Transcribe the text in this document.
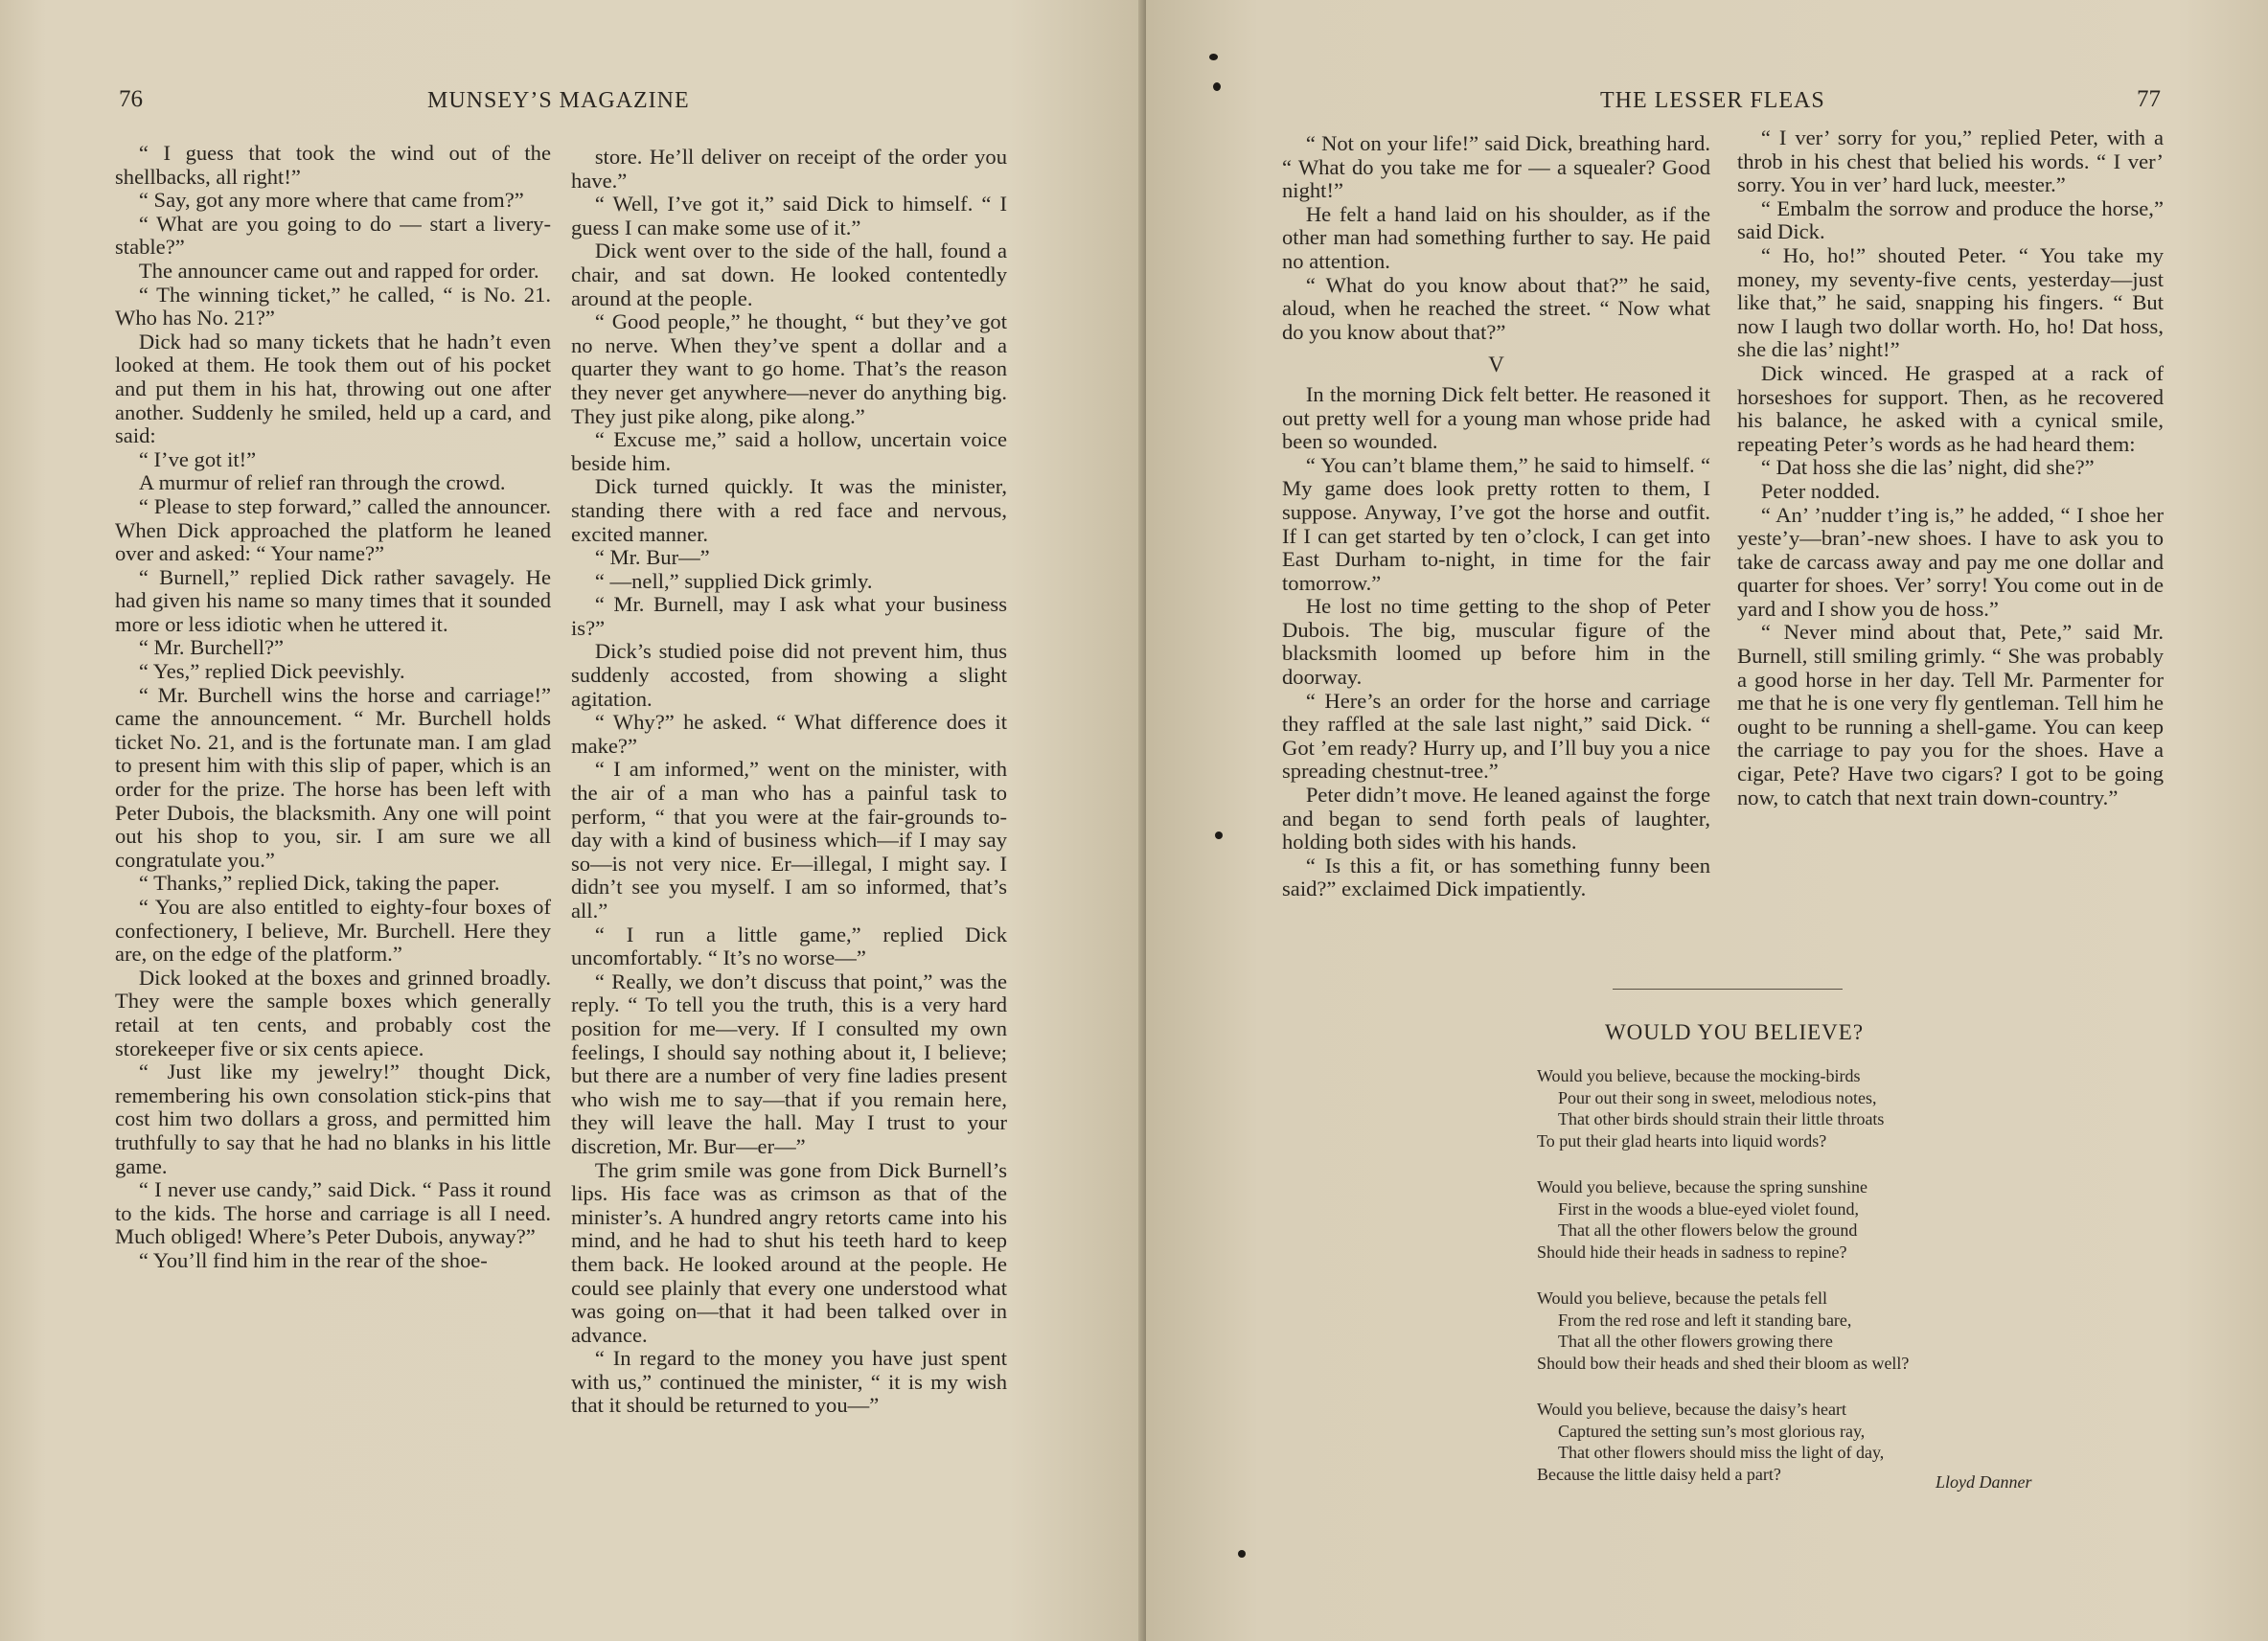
76	MUNSEY’S MAGAZINE

“ I guess that took the wind out of the shellbacks, all right!”

“ Say, got any more where that came from?”

“ What are you going to do — start a livery-stable?”

The announcer came out and rapped for order.

“ The winning ticket,” he called, “ is No. 21. Who has No. 21?”

Dick had so many tickets that he hadn’t even looked at them. He took them out of his pocket and put them in his hat, throwing out one after another. Suddenly he smiled, held up a card, and said:

“ I’ve got it!”

A murmur of relief ran through the crowd.

“ Please to step forward,” called the announcer. When Dick approached the platform he leaned over and asked: “ Your name?”

“ Burnell,” replied Dick rather savagely. He had given his name so many times that it sounded more or less idiotic when he uttered it.

“ Mr. Burchell?”

“ Yes,” replied Dick peevishly.

“ Mr. Burchell wins the horse and carriage!” came the announcement. “ Mr. Burchell holds ticket No. 21, and is the fortunate man. I am glad to present him with this slip of paper, which is an order for the prize. The horse has been left with Peter Dubois, the blacksmith. Any one will point out his shop to you, sir. I am sure we all congratulate you.”

“ Thanks,” replied Dick, taking the paper.

“ You are also entitled to eighty-four boxes of confectionery, I believe, Mr. Burchell. Here they are, on the edge of the platform.”

Dick looked at the boxes and grinned broadly. They were the sample boxes which generally retail at ten cents, and probably cost the storekeeper five or six cents apiece.

“ Just like my jewelry!” thought Dick, remembering his own consolation stick-pins that cost him two dollars a gross, and permitted him truthfully to say that he had no blanks in his little game.

“ I never use candy,” said Dick. “ Pass it round to the kids. The horse and carriage is all I need. Much obliged! Where’s Peter Dubois, anyway?”

“ You’ll find him in the rear of the shoe-

store. He’ll deliver on receipt of the order you have.”

“ Well, I’ve got it,” said Dick to himself. “ I guess I can make some use of it.”

Dick went over to the side of the hall, found a chair, and sat down. He looked contentedly around at the people.

“ Good people,” he thought, “ but they’ve got no nerve. When they’ve spent a dollar and a quarter they want to go home. That’s the reason they never get anywhere—never do anything big. They just pike along, pike along.”

“ Excuse me,” said a hollow, uncertain voice beside him.

Dick turned quickly. It was the minister, standing there with a red face and nervous, excited manner.

“ Mr. Bur—”

“ —nell,” supplied Dick grimly.

“ Mr. Burnell, may I ask what your business is?”

Dick’s studied poise did not prevent him, thus suddenly accosted, from showing a slight agitation.

“ Why?” he asked. “ What difference does it make?”

“ I am informed,” went on the minister, with the air of a man who has a painful task to perform, “ that you were at the fair-grounds to-day with a kind of business which—if I may say so—is not very nice. Er—illegal, I might say. I didn’t see you myself. I am so informed, that’s all.”

“ I run a little game,” replied Dick uncomfortably. “ It’s no worse—”

“ Really, we don’t discuss that point,” was the reply. “ To tell you the truth, this is a very hard position for me—very. If I consulted my own feelings, I should say nothing about it, I believe; but there are a number of very fine ladies present who wish me to say—that if you remain here, they will leave the hall. May I trust to your discretion, Mr. Bur—er—”

The grim smile was gone from Dick Burnell’s lips. His face was as crimson as that of the minister’s. A hundred angry retorts came into his mind, and he had to shut his teeth hard to keep them back. He looked around at the people. He could see plainly that every one understood what was going on—that it had been talked over in advance.

“ In regard to the money you have just spent with us,” continued the minister, “ it is my wish that it should be returned to you—”

THE LESSER FLEAS	77

“ Not on your life!” said Dick, breathing hard. “ What do you take me for — a squealer? Good night!”

He felt a hand laid on his shoulder, as if the other man had something further to say. He paid no attention.

“ What do you know about that?” he said, aloud, when he reached the street. “ Now what do you know about that?”

V

In the morning Dick felt better. He reasoned it out pretty well for a young man whose pride had been so wounded.

“ You can’t blame them,” he said to himself. “ My game does look pretty rotten to them, I suppose. Anyway, I’ve got the horse and outfit. If I can get started by ten o’clock, I can get into East Durham to-night, in time for the fair tomorrow.”

He lost no time getting to the shop of Peter Dubois. The big, muscular figure of the blacksmith loomed up before him in the doorway.

“ Here’s an order for the horse and carriage they raffled at the sale last night,” said Dick. “ Got ’em ready? Hurry up, and I’ll buy you a nice spreading chestnut-tree.”

Peter didn’t move. He leaned against the forge and began to send forth peals of laughter, holding both sides with his hands.

“ Is this a fit, or has something funny been said?” exclaimed Dick impatiently.

“ I ver’ sorry for you,” replied Peter, with a throb in his chest that belied his words. “ I ver’ sorry. You in ver’ hard luck, meester.”

“ Embalm the sorrow and produce the horse,” said Dick.

“ Ho, ho!” shouted Peter. “ You take my money, my seventy-five cents, yesterday—just like that,” he said, snapping his fingers. “ But now I laugh two dollar worth. Ho, ho! Dat hoss, she die las’ night!”

Dick winced. He grasped at a rack of horseshoes for support. Then, as he recovered his balance, he asked with a cynical smile, repeating Peter’s words as he had heard them:

“ Dat hoss she die las’ night, did she?”

Peter nodded.

“ An’ ’nudder t’ing is,” he added, “ I shoe her yeste’y—bran’-new shoes. I have to ask you to take de carcass away and pay me one dollar and quarter for shoes. Ver’ sorry! You come out in de yard and I show you de hoss.”

“ Never mind about that, Pete,” said Mr. Burnell, still smiling grimly. “ She was probably a good horse in her day. Tell Mr. Parmenter for me that he is one very fly gentleman. Tell him he ought to be running a shell-game. You can keep the carriage to pay you for the shoes. Have a cigar, Pete? Have two cigars? I got to be going now, to catch that next train down-country.”

WOULD YOU BELIEVE?
Would you believe, because the mocking-birds
Pour out their song in sweet, melodious notes,
That other birds should strain their little throats
To put their glad hearts into liquid words?
Would you believe, because the spring sunshine
First in the woods a blue-eyed violet found,
That all the other flowers below the ground
Should hide their heads in sadness to repine?
Would you believe, because the petals fell
From the red rose and left it standing bare,
That all the other flowers growing there
Should bow their heads and shed their bloom as well?
Would you believe, because the daisy’s heart
Captured the setting sun’s most glorious ray,
That other flowers should miss the light of day,
Because the little daisy held a part?	Lloyd Danner
